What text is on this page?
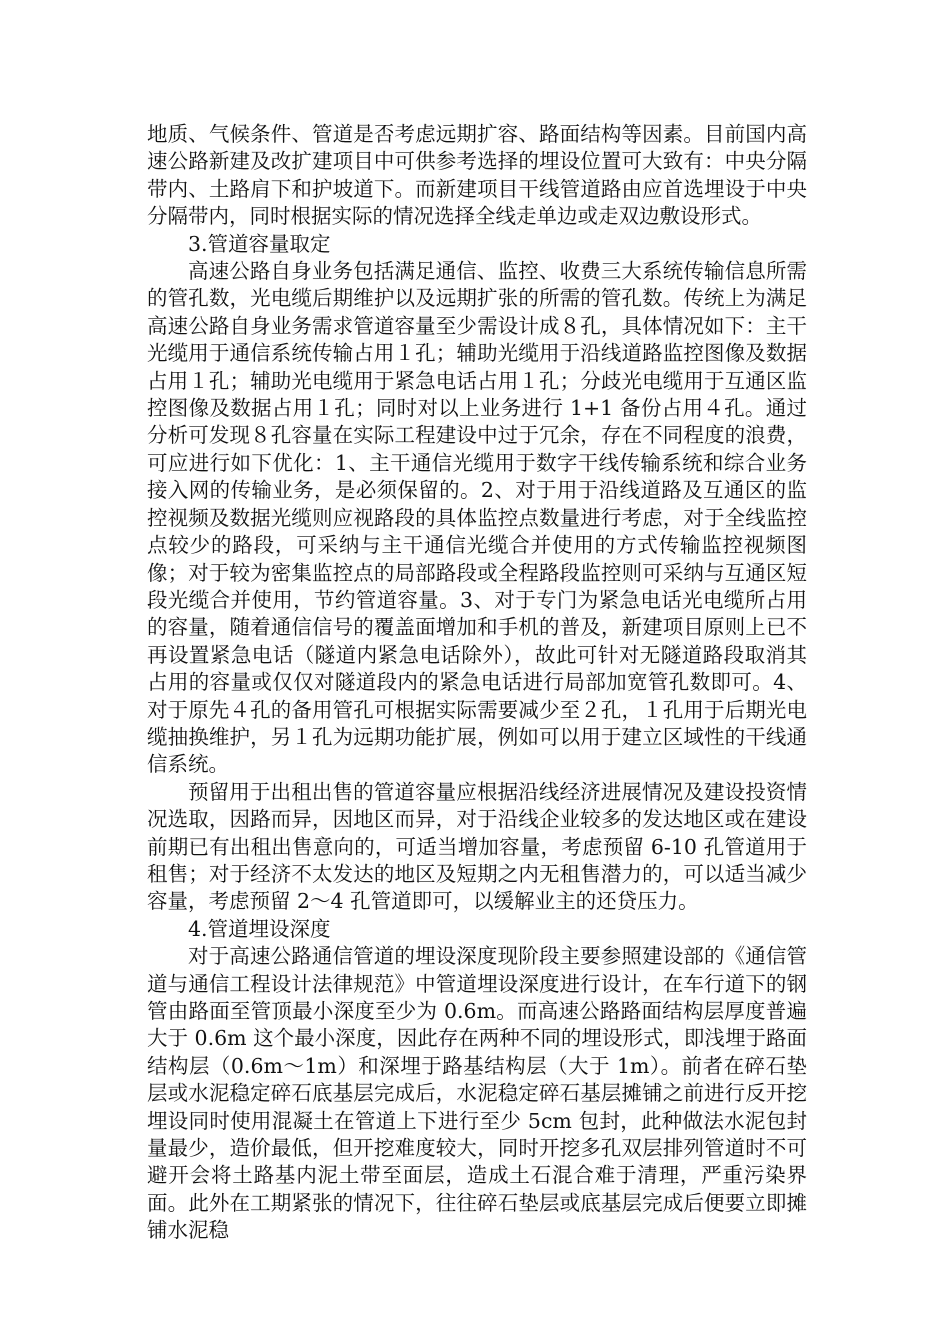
地质、气候条件、管道是否考虑远期扩容、路面结构等因素。目前国内高速公路新建及改扩建项目中可供参考选择的埋设位置可大致有：中央分隔带内、土路肩下和护坡道下。而新建项目干线管道路由应首选埋设于中央分隔带内，同时根据实际的情况选择全线走单边或走双边敷设形式。

3.管道容量取定

高速公路自身业务包括满足通信、监控、收费三大系统传输信息所需的管孔数，光电缆后期维护以及远期扩张的所需的管孔数。传统上为满足高速公路自身业务需求管道容量至少需设计成８孔，具体情况如下：主干光缆用于通信系统传输占用１孔；辅助光缆用于沿线道路监控图像及数据占用１孔；辅助光电缆用于紧急电话占用１孔；分歧光电缆用于互通区监控图像及数据占用１孔；同时对以上业务进行 1+1 备份占用４孔。通过分析可发现８孔容量在实际工程建设中过于冗余，存在不同程度的浪费，可应进行如下优化：1、主干通信光缆用于数字干线传输系统和综合业务接入网的传输业务，是必须保留的。2、对于用于沿线道路及互通区的监控视频及数据光缆则应视路段的具体监控点数量进行考虑，对于全线监控点较少的路段，可采纳与主干通信光缆合并使用的方式传输监控视频图像；对于较为密集监控点的局部路段或全程路段监控则可采纳与互通区短段光缆合并使用，节约管道容量。3、对于专门为紧急电话光电缆所占用的容量，随着通信信号的覆盖面增加和手机的普及，新建项目原则上已不再设置紧急电话（隧道内紧急电话除外），故此可针对无隧道路段取消其占用的容量或仅仅对隧道段内的紧急电话进行局部加宽管孔数即可。4、对于原先４孔的备用管孔可根据实际需要减少至２孔，１孔用于后期光电缆抽换维护，另１孔为远期功能扩展，例如可以用于建立区域性的干线通信系统。

预留用于出租出售的管道容量应根据沿线经济进展情况及建设投资情况选取，因路而异，因地区而异，对于沿线企业较多的发达地区或在建设前期已有出租出售意向的，可适当增加容量，考虑预留 6-10 孔管道用于租售；对于经济不太发达的地区及短期之内无租售潜力的，可以适当减少容量，考虑预留 2～4 孔管道即可，以缓解业主的还贷压力。

4.管道埋设深度

对于高速公路通信管道的埋设深度现阶段主要参照建设部的《通信管道与通信工程设计法律规范》中管道埋设深度进行设计，在车行道下的钢管由路面至管顶最小深度至少为 0.6m。而高速公路路面结构层厚度普遍大于 0.6m 这个最小深度，因此存在两种不同的埋设形式，即浅埋于路面结构层（0.6m～1m）和深埋于路基结构层（大于 1m）。前者在碎石垫层或水泥稳定碎石底基层完成后，水泥稳定碎石基层摊铺之前进行反开挖埋设同时使用混凝土在管道上下进行至少 5cm 包封，此种做法水泥包封量最少，造价最低，但开挖难度较大，同时开挖多孔双层排列管道时不可避开会将土路基内泥土带至面层，造成土石混合难于清理，严重污染界面。此外在工期紧张的情况下，往往碎石垫层或底基层完成后便要立即摊铺水泥稳
